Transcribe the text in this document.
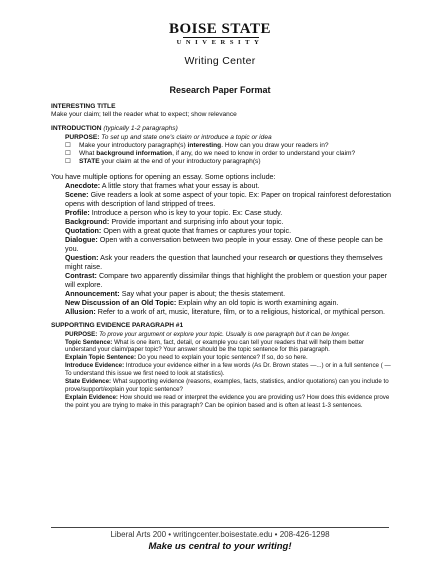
BOISE STATE
UNIVERSITY
Writing Center
Research Paper Format
INTERESTING TITLE
Make your claim; tell the reader what to expect; show relevance
INTRODUCTION (typically 1-2 paragraphs)
PURPOSE: To set up and state one's claim or introduce a topic or idea
☐ Make your introductory paragraph(s) interesting. How can you draw your readers in?
☐ What background information, if any, do we need to know in order to understand your claim?
☐ STATE your claim at the end of your introductory paragraph(s)
You have multiple options for opening an essay. Some options include:
Anecdote: A little story that frames what your essay is about.
Scene: Give readers a look at some aspect of your topic. Ex: Paper on tropical rainforest deforestation opens with description of land stripped of trees.
Profile: Introduce a person who is key to your topic. Ex: Case study.
Background: Provide important and surprising info about your topic.
Quotation: Open with a great quote that frames or captures your topic.
Dialogue: Open with a conversation between two people in your essay. One of these people can be you.
Question: Ask your readers the question that launched your research or questions they themselves might raise.
Contrast: Compare two apparently dissimilar things that highlight the problem or question your paper will explore.
Announcement: Say what your paper is about; the thesis statement.
New Discussion of an Old Topic: Explain why an old topic is worth examining again.
Allusion: Refer to a work of art, music, literature, film, or to a religious, historical, or mythical person.
SUPPORTING EVIDENCE PARAGRAPH #1
PURPOSE: To prove your argument or explore your topic. Usually is one paragraph but it can be longer.
Topic Sentence: What is one item, fact, detail, or example you can tell your readers that will help them better understand your claim/paper topic? Your answer should be the topic sentence for this paragraph.
Explain Topic Sentence: Do you need to explain your topic sentence? If so, do so here.
Introduce Evidence: Introduce your evidence either in a few words (As Dr. Brown states —...) or in a full sentence ( — To understand this issue we first need to look at statistics).
State Evidence: What supporting evidence (reasons, examples, facts, statistics, and/or quotations) can you include to prove/support/explain your topic sentence?
Explain Evidence: How should we read or interpret the evidence you are providing us? How does this evidence prove the point you are trying to make in this paragraph? Can be opinion based and is often at least 1-3 sentences.
Liberal Arts 200 • writingcenter.boisestate.edu • 208-426-1298
Make us central to your writing!
